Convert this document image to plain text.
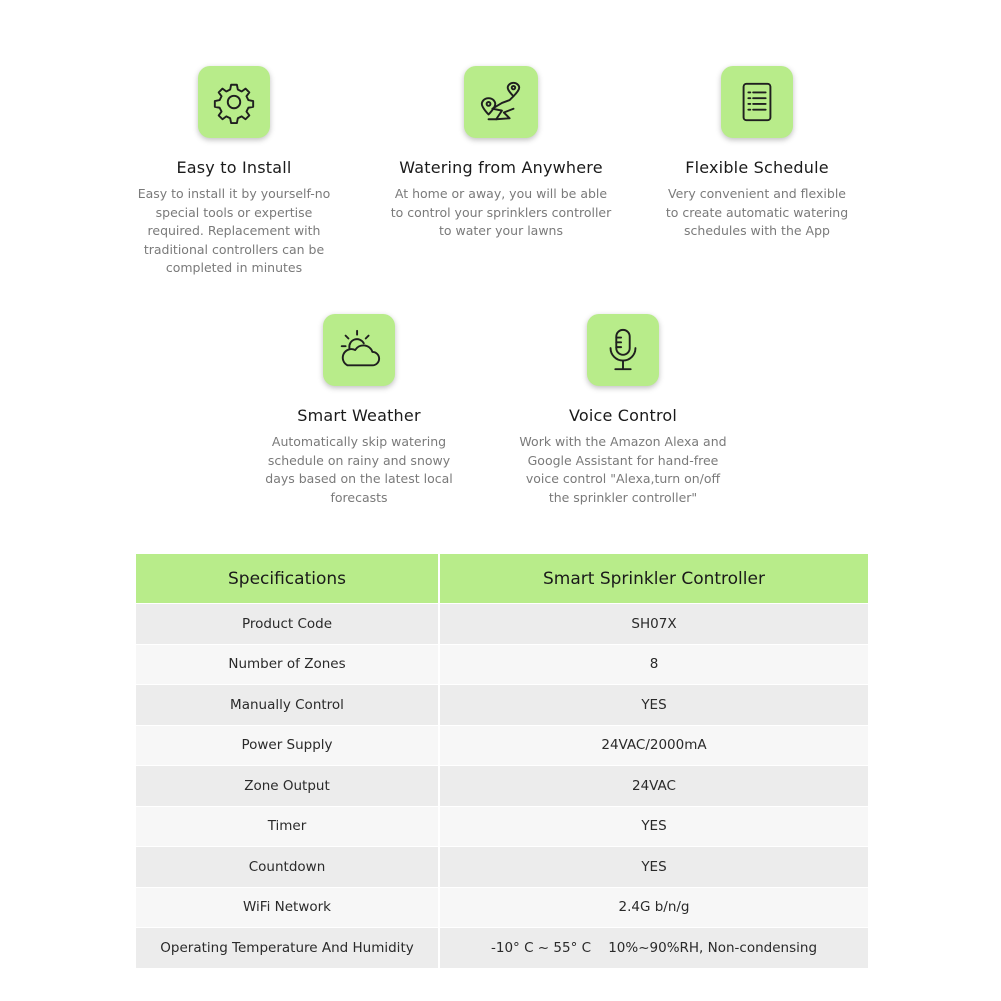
Easy to Install
Easy to install it by yourself-no special tools or expertise required. Replacement with traditional controllers can be completed in minutes
Watering from Anywhere
At home or away, you will be able to control your sprinklers controller to water your lawns
Flexible Schedule
Very convenient and flexible to create automatic watering schedules with the App
Smart Weather
Automatically skip watering schedule on rainy and snowy days based on the latest local forecasts
Voice Control
Work with the Amazon Alexa and Google Assistant for hand-free voice control "Alexa,turn on/off the sprinkler controller"
Specifications	Smart Sprinkler Controller
Product Code	SH07X
Number of Zones	8
Manually Control	YES
Power Supply	24VAC/2000mA
Zone Output	24VAC
Timer	YES
Countdown	YES
WiFi Network	2.4G b/n/g
Operating Temperature And Humidity	-10° C ~ 55° C    10%~90%RH, Non-condensing
